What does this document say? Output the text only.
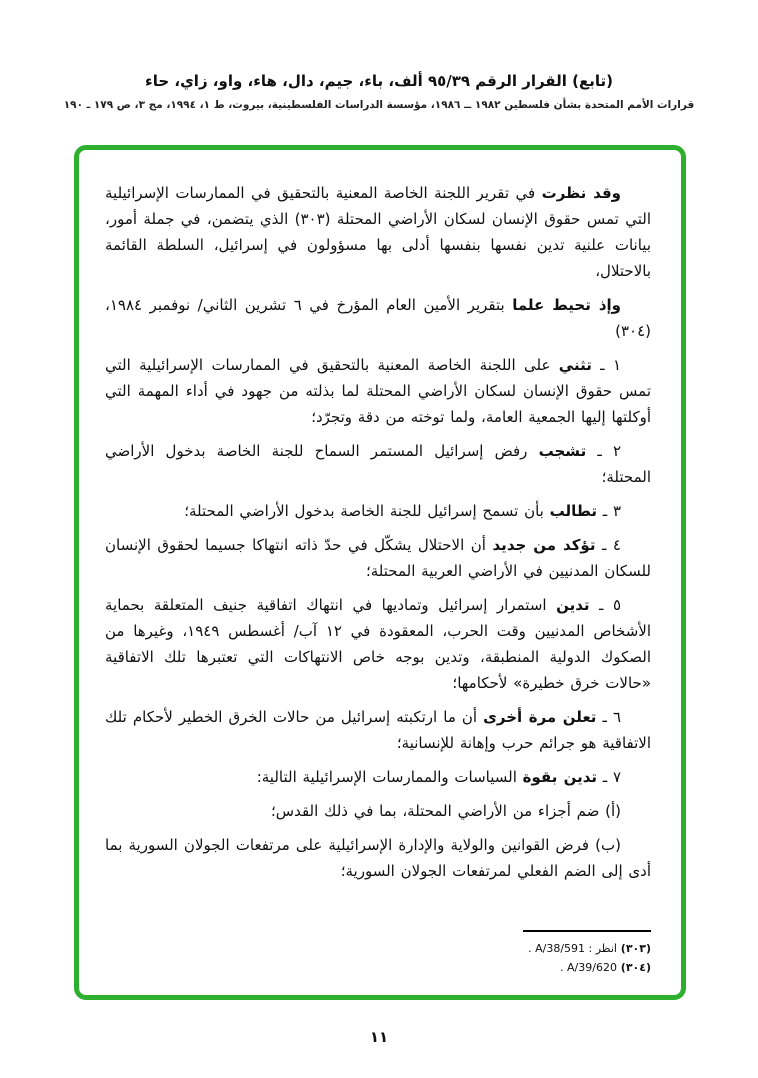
(تابع) القرار الرقم ٩٥/٣٩ ألف، باء، جيم، دال، هاء، واو، زاي، حاء
قرارات الأمم المتحدة بشأن فلسطين ١٩٨٢ ــ ١٩٨٦، مؤسسة الدراسات الفلسطينية، بيروت، ط ١، ١٩٩٤، مج ٣، ص ١٧٩ ـ ١٩٠

وقد نظرت في تقرير اللجنة الخاصة المعنية بالتحقيق في الممارسات الإسرائيلية التي تمس حقوق الإنسان لسكان الأراضي المحتلة (٣٠٣) الذي يتضمن، في جملة أمور، بيانات علنية تدين نفسها بنفسها أدلى بها مسؤولون في إسرائيل، السلطة القائمة بالاحتلال،

وإذ تحيط علما بتقرير الأمين العام المؤرخ في ٦ تشرين الثاني/ نوفمبر ١٩٨٤، (٣٠٤)

١ ـ تثني على اللجنة الخاصة المعنية بالتحقيق في الممارسات الإسرائيلية التي تمس حقوق الإنسان لسكان الأراضي المحتلة لما بذلته من جهود في أداء المهمة التي أوكلتها إليها الجمعية العامة، ولما توخته من دقة وتجرّد؛

٢ ـ تشجب رفض إسرائيل المستمر السماح للجنة الخاصة بدخول الأراضي المحتلة؛

٣ ـ تطالب بأن تسمح إسرائيل للجنة الخاصة بدخول الأراضي المحتلة؛

٤ ـ تؤكد من جديد أن الاحتلال يشكّل في حدّ ذاته انتهاكا جسيما لحقوق الإنسان للسكان المدنيين في الأراضي العربية المحتلة؛

٥ ـ تدين استمرار إسرائيل وتماديها في انتهاك اتفاقية جنيف المتعلقة بحماية الأشخاص المدنيين وقت الحرب، المعقودة في ١٢ آب/ أغسطس ١٩٤٩، وغيرها من الصكوك الدولية المنطبقة، وتدين بوجه خاص الانتهاكات التي تعتبرها تلك الاتفاقية «حالات خرق خطيرة» لأحكامها؛

٦ ـ تعلن مرة أخرى أن ما ارتكبته إسرائيل من حالات الخرق الخطير لأحكام تلك الاتفاقية هو جرائم حرب وإهانة للإنسانية؛

٧ ـ تدين بقوة السياسات والممارسات الإسرائيلية التالية:

(أ) ضم أجزاء من الأراضي المحتلة، بما في ذلك القدس؛

(ب) فرض القوانين والولاية والإدارة الإسرائيلية على مرتفعات الجولان السورية بما أدى إلى الضم الفعلي لمرتفعات الجولان السورية؛

(٣٠٣) انظر : A/38/591 .
(٣٠٤) A/39/620 .
١١
